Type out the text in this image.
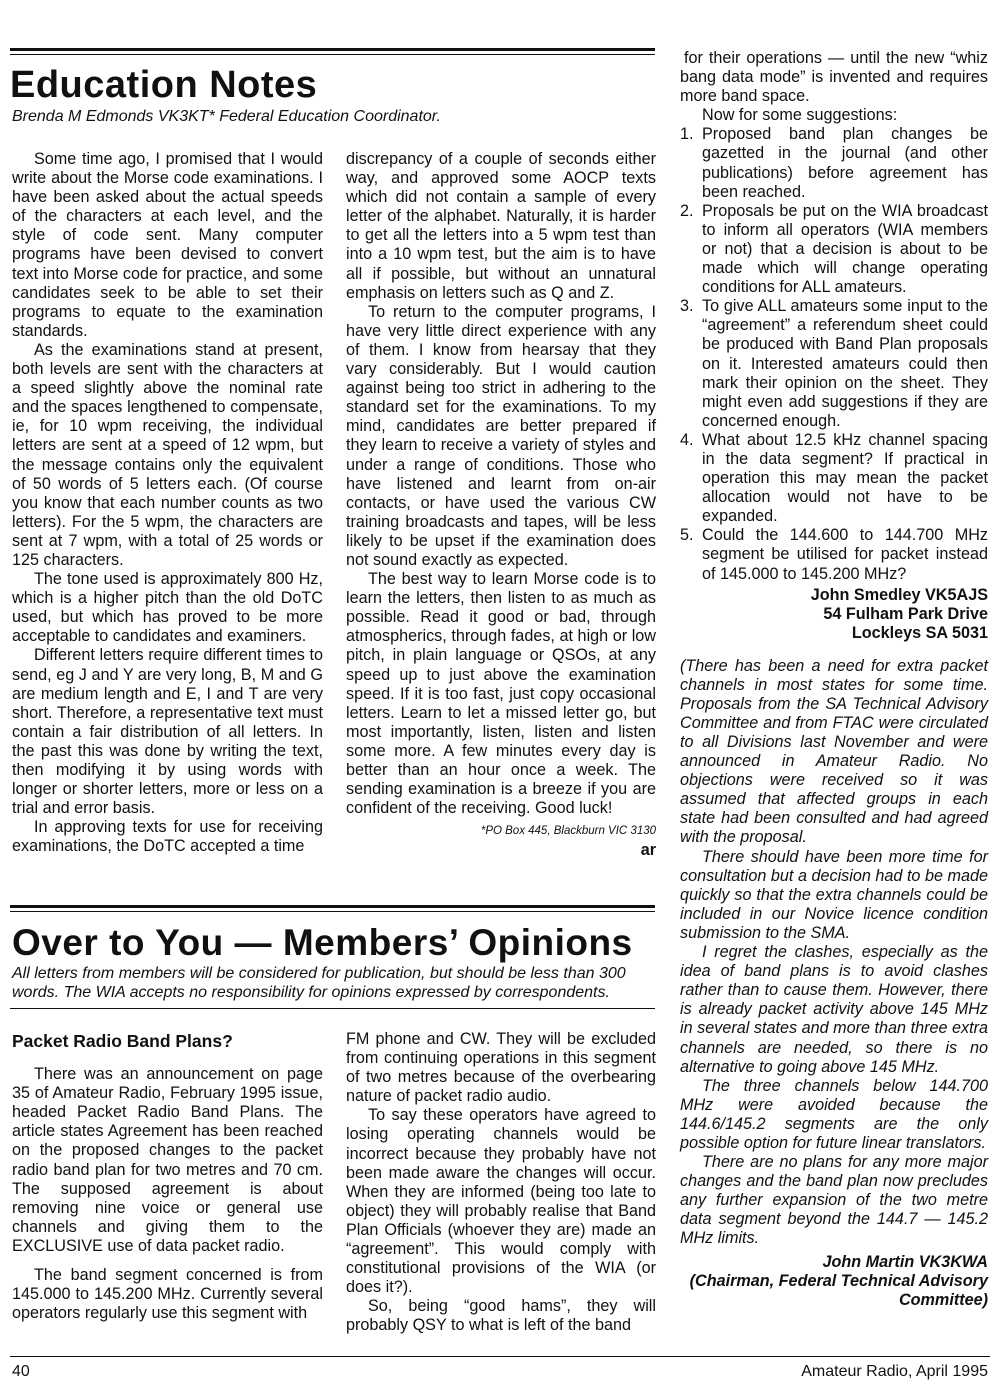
Education Notes
Brenda M Edmonds VK3KT* Federal Education Coordinator.

Some time ago, I promised that I would write about the Morse code examinations. I have been asked about the actual speeds of the characters at each level, and the style of code sent. Many computer programs have been devised to convert text into Morse code for practice, and some candidates seek to be able to set their programs to equate to the examination standards.

As the examinations stand at present, both levels are sent with the characters at a speed slightly above the nominal rate and the spaces lengthened to compensate, ie, for 10 wpm receiving, the individual letters are sent at a speed of 12 wpm, but the message contains only the equivalent of 50 words of 5 letters each. (Of course you know that each number counts as two letters). For the 5 wpm, the characters are sent at 7 wpm, with a total of 25 words or 125 characters.

The tone used is approximately 800 Hz, which is a higher pitch than the old DoTC used, but which has proved to be more acceptable to candidates and examiners.

Different letters require different times to send, eg J and Y are very long, B, M and G are medium length and E, I and T are very short. Therefore, a representative text must contain a fair distribution of all letters. In the past this was done by writing the text, then modifying it by using words with longer or shorter letters, more or less on a trial and error basis.

In approving texts for use for receiving examinations, the DoTC accepted a time

discrepancy of a couple of seconds either way, and approved some AOCP texts which did not contain a sample of every letter of the alphabet. Naturally, it is harder to get all the letters into a 5 wpm test than into a 10 wpm test, but the aim is to have all if possible, but without an unnatural emphasis on letters such as Q and Z.

To return to the computer programs, I have very little direct experience with any of them. I know from hearsay that they vary considerably. But I would caution against being too strict in adhering to the standard set for the examinations. To my mind, candidates are better prepared if they learn to receive a variety of styles and under a range of conditions. Those who have listened and learnt from on-air contacts, or have used the various CW training broadcasts and tapes, will be less likely to be upset if the examination does not sound exactly as expected.

The best way to learn Morse code is to learn the letters, then listen to as much as possible. Read it good or bad, through atmospherics, through fades, at high or low pitch, in plain language or QSOs, at any speed up to just above the examination speed. If it is too fast, just copy occasional letters. Learn to let a missed letter go, but most importantly, listen, listen and listen some more. A few minutes every day is better than an hour once a week. The sending examination is a breeze if you are confident of the receiving. Good luck!

*PO Box 445, Blackburn VIC 3130
ar
Over to You — Members’ Opinions
All letters from members will be considered for publication, but should be less than 300 words. The WIA accepts no responsibility for opinions expressed by correspondents.
Packet Radio Band Plans?

There was an announcement on page 35 of Amateur Radio, February 1995 issue, headed Packet Radio Band Plans. The article states Agreement has been reached on the proposed changes to the packet radio band plan for two metres and 70 cm. The supposed agreement is about removing nine voice or general use channels and giving them to the EXCLUSIVE use of data packet radio.

The band segment concerned is from 145.000 to 145.200 MHz. Currently several operators regularly use this segment with

FM phone and CW. They will be excluded from continuing operations in this segment of two metres because of the overbearing nature of packet radio audio.

To say these operators have agreed to losing operating channels would be incorrect because they probably have not been made aware the changes will occur. When they are informed (being too late to object) they will probably realise that Band Plan Officials (whoever they are) made an “agreement”. This would comply with constitutional provisions of the WIA (or does it?).

So, being “good hams”, they will probably QSY to what is left of the band

for their operations — until the new “whiz bang data mode” is invented and requires more band space.

Now for some suggestions:

1. Proposed band plan changes be gazetted in the journal (and other publications) before agreement has been reached.
2. Proposals be put on the WIA broadcast to inform all operators (WIA members or not) that a decision is about to be made which will change operating conditions for ALL amateurs.
3. To give ALL amateurs some input to the “agreement” a referendum sheet could be produced with Band Plan proposals on it. Interested amateurs could then mark their opinion on the sheet. They might even add suggestions if they are concerned enough.
4. What about 12.5 kHz channel spacing in the data segment? If practical in operation this may mean the packet allocation would not have to be expanded.
5. Could the 144.600 to 144.700 MHz segment be utilised for packet instead of 145.000 to 145.200 MHz?
John Smedley VK5AJS
54 Fulham Park Drive
Lockleys SA 5031

(There has been a need for extra packet channels in most states for some time. Proposals from the SA Technical Advisory Committee and from FTAC were circulated to all Divisions last November and were announced in Amateur Radio. No objections were received so it was assumed that affected groups in each state had been consulted and had agreed with the proposal.

There should have been more time for consultation but a decision had to be made quickly so that the extra channels could be included in our Novice licence condition submission to the SMA.

I regret the clashes, especially as the idea of band plans is to avoid clashes rather than to cause them. However, there is already packet activity above 145 MHz in several states and more than three extra channels are needed, so there is no alternative to going above 145 MHz.

The three channels below 144.700 MHz were avoided because the 144.6/145.2 segments are the only possible option for future linear translators.

There are no plans for any more major changes and the band plan now precludes any further expansion of the two metre data segment beyond the 144.7 — 145.2 MHz limits.

John Martin VK3KWA
(Chairman, Federal Technical Advisory
Committee)
40	Amateur Radio, April 1995
